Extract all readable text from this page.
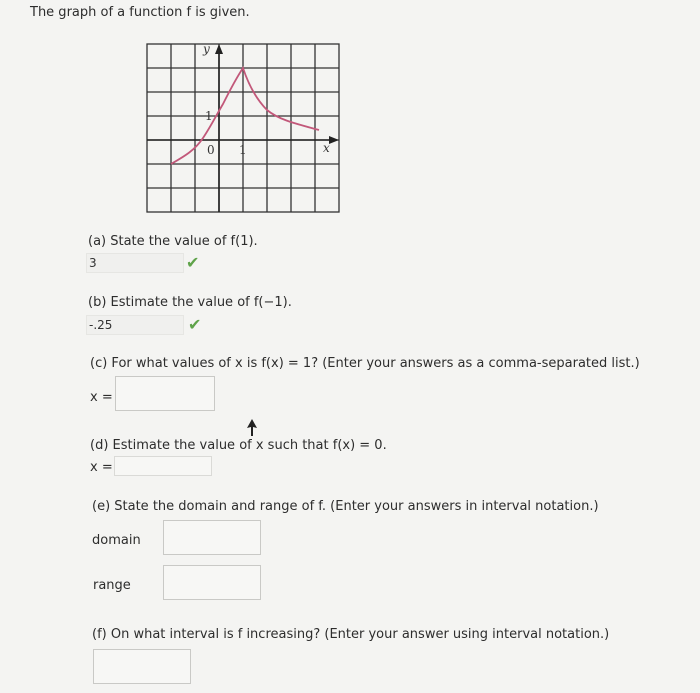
The graph of a function f is given.
y
x
0 1
1
(a) State the value of f(1).
3	✔
(b) Estimate the value of f(−1).
-.25	✔
(c) For what values of x is f(x) = 1? (Enter your answers as a comma-separated list.)
x =
(d) Estimate the value of x such that f(x) = 0.
x =
(e) State the domain and range of f. (Enter your answers in interval notation.)
domain
range
(f) On what interval is f increasing? (Enter your answer using interval notation.)
